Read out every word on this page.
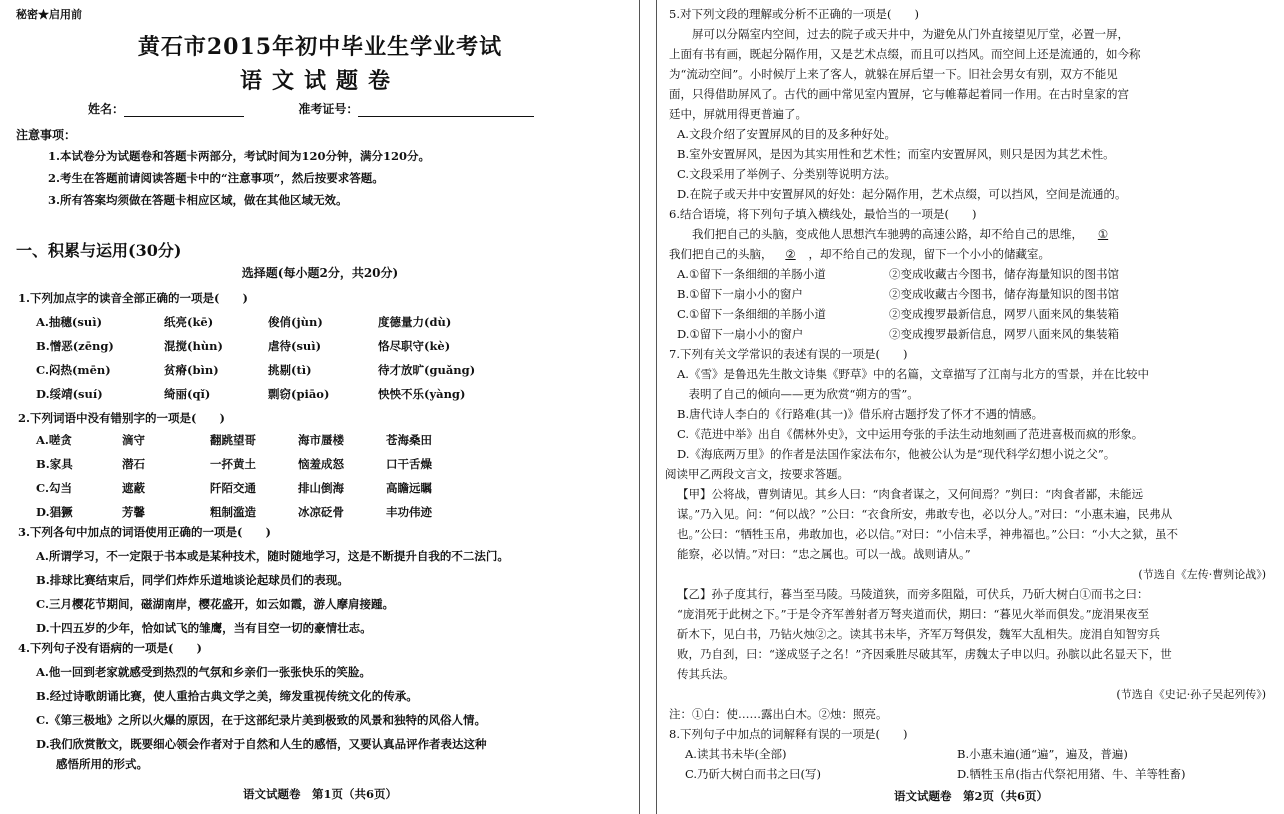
秘密★启用前
黄石市2015年初中毕业生学业考试
语文试题卷
姓名：	准考证号：
注意事项：
1.本试卷分为试题卷和答题卡两部分，考试时间为120分钟，满分120分。
2.考生在答题前请阅读答题卡中的“注意事项”，然后按要求答题。
3.所有答案均须做在答题卡相应区域，做在其他区域无效。
一、积累与运用(30分)
选择题(每小题2分，共20分)
1.下列加点字的读音全部正确的一项是(　　)
A.抽穗(suì)	纸亮(kē)	俊俏(jùn)	度德量力(dù)
B.憎恶(zēng)	混搅(hùn)	虐待(suì)	恪尽职守(kè)
C.闷热(mēn)	贫瘠(bìn)	挑剔(tì)	待才放旷(guǎng)
D.绥靖(suí)	绮丽(qǐ)	剽窃(piāo)	怏怏不乐(yàng)
2.下列词语中没有错别字的一项是(　　)
A.嗟贪	滴守	翻跳望哥	海市蜃楼	苍海桑田
B.家具	潜石	一抔黄土	恼羞成怒	口干舌燥
C.勾当	遮蔽	阡陌交通	排山倒海	高瞻远瞩
D.猖獗	芳馨	粗制滥造	冰凉砭骨	丰功伟迹
3.下列各句中加点的词语使用正确的一项是(　　)
A.所谓学习，不一定限于书本或是某种技术，随时随地学习，这是不断提升自我的不二法门。
B.排球比赛结束后，同学们炸炸乐道地谈论起球员们的表现。
C.三月樱花节期间，磁湖南岸，樱花盛开，如云如霞，游人摩肩接踵。
D.十四五岁的少年，恰如试飞的雏鹰，当有目空一切的豪情壮志。
4.下列句子没有语病的一项是(　　)
A.他一回到老家就感受到热烈的气氛和乡亲们一张张快乐的笑脸。
B.经过诗歌朗诵比赛，使人重拾古典文学之美，缔发重视传统文化的传承。
C.《第三极地》之所以火爆的原因，在于这部纪录片美到极致的风景和独特的风俗人情。
D.我们欣赏散文，既要细心领会作者对于自然和人生的感悟，又要认真品评作者表达这种
感悟所用的形式。
语文试题卷　第1页（共6页）
5.对下列文段的理解或分析不正确的一项是(　　)
　　屏可以分隔室内空间，过去的院子或天井中，为避免从门外直接望见厅堂，必置一屏，
上面有书有画，既起分隔作用，又是艺术点缀，而且可以挡风。而空间上还是流通的，如今称
为“流动空间”。小时候厅上来了客人，就躲在屏后望一下。旧社会男女有别，双方不能见
面，只得借助屏风了。古代的画中常见室内置屏，它与帷幕起着同一作用。在古时皇家的宫
廷中，屏就用得更普遍了。
A.文段介绍了安置屏风的目的及多种好处。
B.室外安置屏风，是因为其实用性和艺术性；而室内安置屏风，则只是因为其艺术性。
C.文段采用了举例子、分类别等说明方法。
D.在院子或天井中安置屏风的好处：起分隔作用，艺术点缀，可以挡风，空间是流通的。
6.结合语境，将下列句子填入横线处，最恰当的一项是(　　)
　　我们把自己的头脑，变成他人思想汽车驰骋的高速公路，却不给自己的思维， ①
我们把自己的头脑， ② ，却不给自己的发现，留下一个小小的储藏室。
A.①留下一条细细的羊肠小道	②变成收藏古今图书，储存海量知识的图书馆
B.①留下一扇小小的窗户	②变成收藏古今图书，储存海量知识的图书馆
C.①留下一条细细的羊肠小道	②变成搜罗最新信息，网罗八面来风的集装箱
D.①留下一扇小小的窗户	②变成搜罗最新信息，网罗八面来风的集装箱
7.下列有关文学常识的表述有误的一项是(　　)
A.《雪》是鲁迅先生散文诗集《野草》中的名篇，文章描写了江南与北方的雪景，并在比较中
　表明了自己的倾向——更为欣赏“朔方的雪”。
B.唐代诗人李白的《行路难(其一)》借乐府古题抒发了怀才不遇的情感。
C.《范进中举》出自《儒林外史》，文中运用夸张的手法生动地刻画了范进喜极而疯的形象。
D.《海底两万里》的作者是法国作家法布尔，他被公认为是“现代科学幻想小说之父”。
阅读甲乙两段文言文，按要求答题。
【甲】公将战，曹刿请见。其乡人曰：“肉食者谋之，又何间焉？”刿曰：“肉食者鄙，未能远
谋。”乃入见。问：“何以战？”公曰：“衣食所安，弗敢专也，必以分人。”对曰：“小惠未遍，民弗从
也。”公曰：“牺牲玉帛，弗敢加也，必以信。”对曰：“小信未孚，神弗福也。”公曰：“小大之狱，虽不
能察，必以情。”对曰：“忠之属也。可以一战。战则请从。”
(节选自《左传·曹刿论战》)
【乙】孙子度其行，暮当至马陵。马陵道狭，而旁多阻隘，可伏兵，乃斫大树白①而书之曰：
“庞涓死于此树之下。”于是令齐军善射者万弩夹道而伏，期曰：“暮见火举而俱发。”庞涓果夜至
斫木下，见白书，乃钻火烛②之。读其书未毕，齐军万弩俱发，魏军大乱相失。庞涓自知智穷兵
败，乃自刭，曰：“遂成竖子之名！”齐因乘胜尽破其军，虏魏太子申以归。孙膑以此名显天下，世
传其兵法。
(节选自《史记·孙子吴起列传》)
注：①白：使……露出白木。②烛：照亮。
8.下列句子中加点的词解释有误的一项是(　　)
A.读其书未毕(全部)	B.小惠未遍(通“遍”，遍及，普遍)
C.乃斫大树白而书之曰(写)	D.牺牲玉帛(指古代祭祀用猪、牛、羊等牲畜)
语文试题卷　第2页（共6页）
